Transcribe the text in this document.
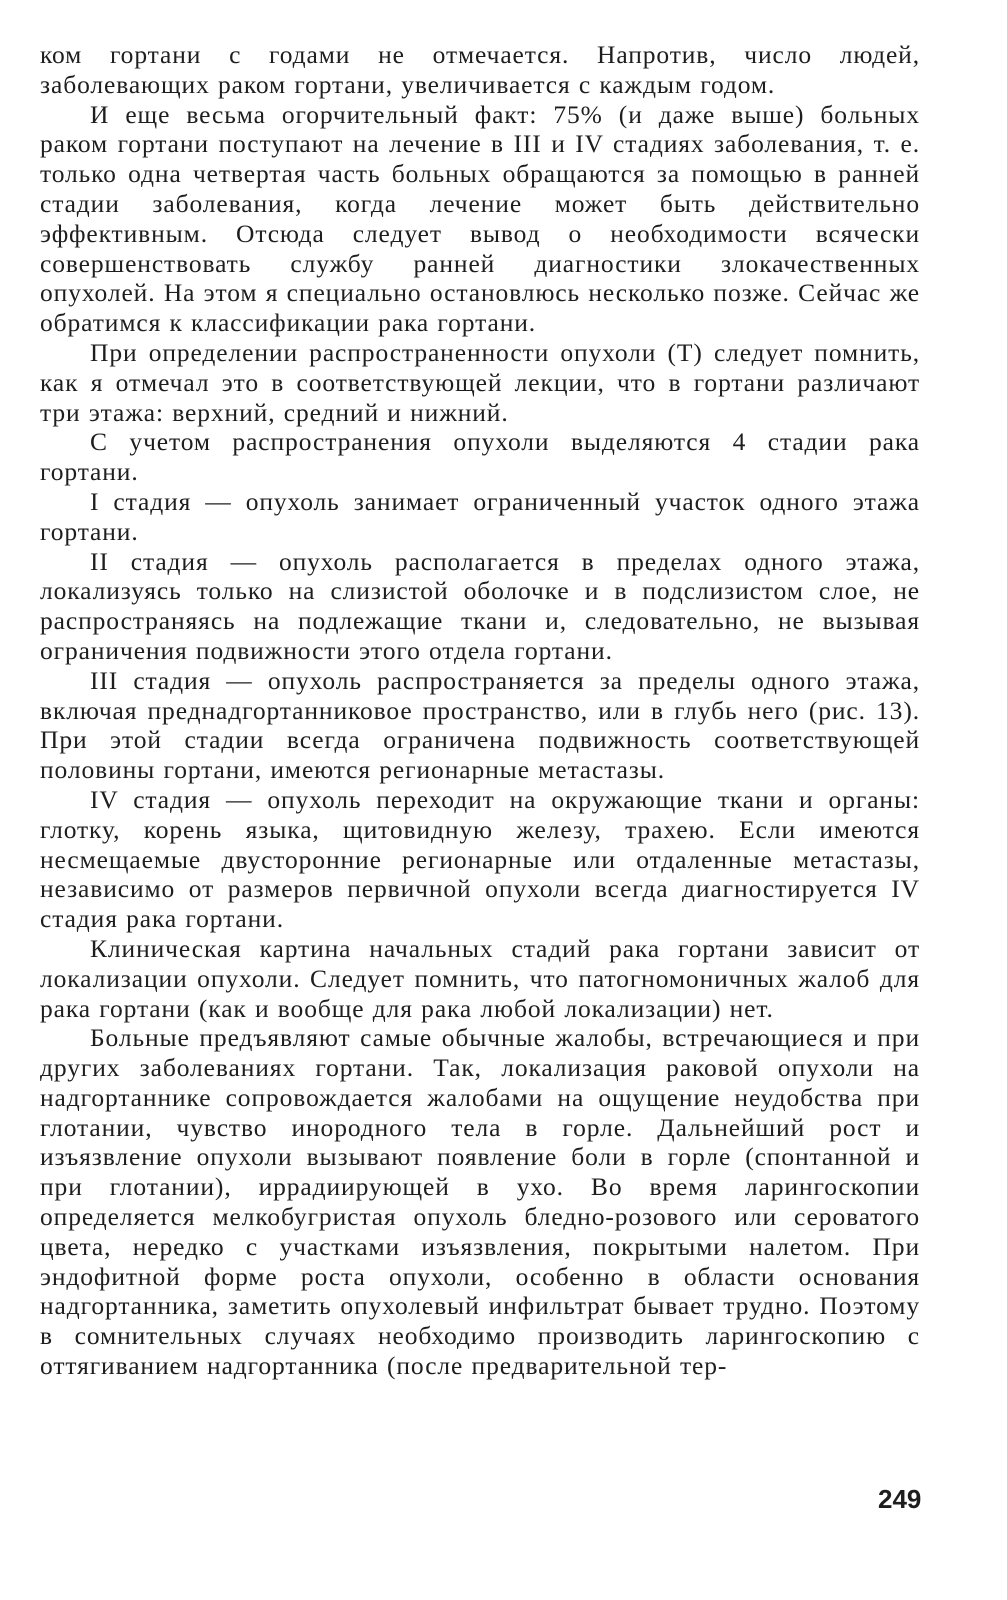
ком гортани с годами не отмечается. Напротив, число людей, заболевающих раком гортани, увеличивается с каждым годом.

И еще весьма огорчительный факт: 75% (и даже выше) больных раком гортани поступают на лечение в III и IV стадиях заболевания, т. е. только одна четвертая часть больных обращаются за помощью в ранней стадии заболевания, когда лечение может быть действительно эффективным. Отсюда следует вывод о необходимости всячески совершенствовать службу ранней диагностики злокачественных опухолей. На этом я специально остановлюсь несколько позже. Сейчас же обратимся к классификации рака гортани.

При определении распространенности опухоли (Т) следует помнить, как я отмечал это в соответствующей лекции, что в гортани различают три этажа: верхний, средний и нижний.

С учетом распространения опухоли выделяются 4 стадии рака гортани.

I стадия — опухоль занимает ограниченный участок одного этажа гортани.

II стадия — опухоль располагается в пределах одного этажа, локализуясь только на слизистой оболочке и в подслизистом слое, не распространяясь на подлежащие ткани и, следовательно, не вызывая ограничения подвижности этого отдела гортани.

III стадия — опухоль распространяется за пределы одного этажа, включая преднадгортанниковое пространство, или в глубь него (рис. 13). При этой стадии всегда ограничена подвижность соответствующей половины гортани, имеются регионарные метастазы.

IV стадия — опухоль переходит на окружающие ткани и органы: глотку, корень языка, щитовидную железу, трахею. Если имеются несмещаемые двусторонние регионарные или отдаленные метастазы, независимо от размеров первичной опухоли всегда диагностируется IV стадия рака гортани.

Клиническая картина начальных стадий рака гортани зависит от локализации опухоли. Следует помнить, что патогномоничных жалоб для рака гортани (как и вообще для рака любой локализации) нет.

Больные предъявляют самые обычные жалобы, встречающиеся и при других заболеваниях гортани. Так, локализация раковой опухоли на надгортаннике сопровождается жалобами на ощущение неудобства при глотании, чувство инородного тела в горле. Дальнейший рост и изъязвление опухоли вызывают появление боли в горле (спонтанной и при глотании), иррадиирующей в ухо. Во время ларингоскопии определяется мелкобугристая опухоль бледно-розового или сероватого цвета, нередко с участками изъязвления, покрытыми налетом. При эндофитной форме роста опухоли, особенно в области основания надгортанника, заметить опухолевый инфильтрат бывает трудно. Поэтому в сомнительных случаях необходимо производить ларингоскопию с оттягиванием надгортанника (после предварительной тер-

249
